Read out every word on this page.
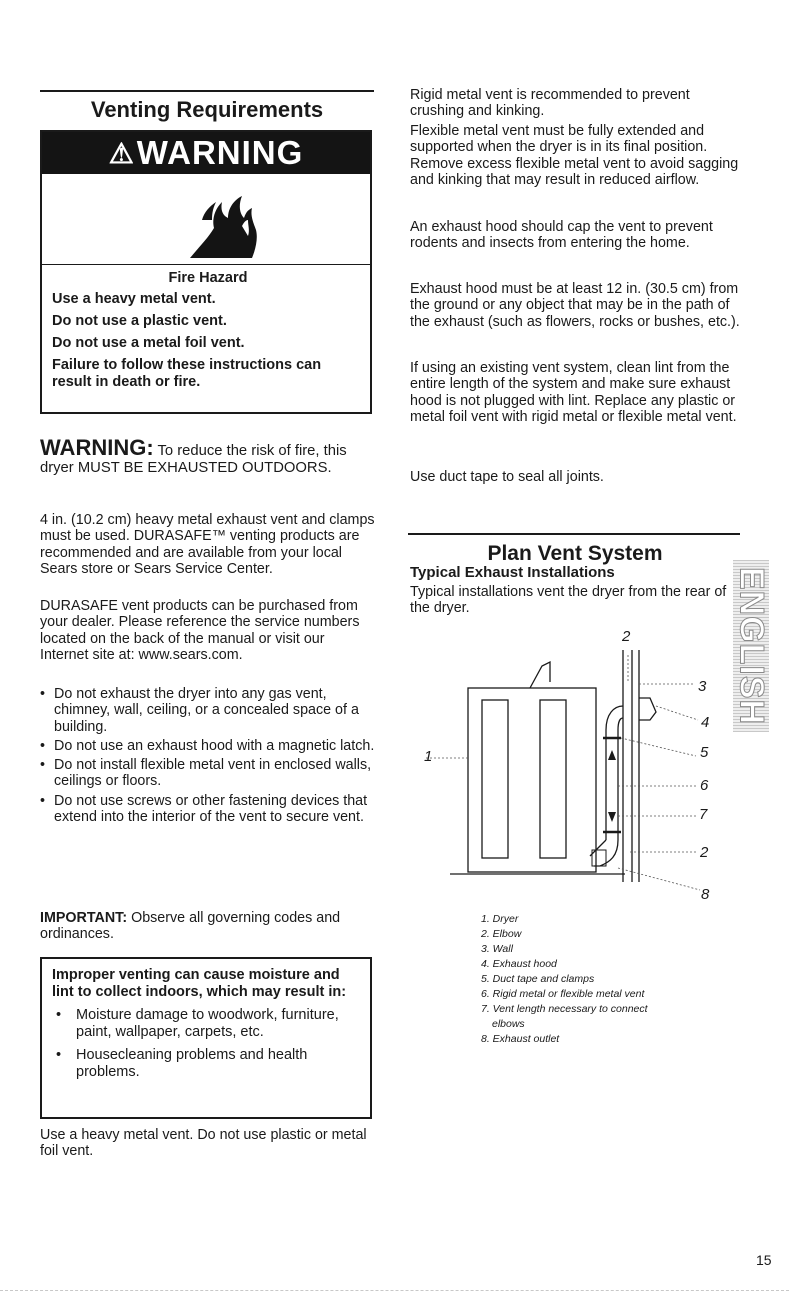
Venting Requirements
⚠ WARNING
Fire Hazard
Use a heavy metal vent.
Do not use a plastic vent.
Do not use a metal foil vent.
Failure to follow these instructions can result in death or fire.
WARNING: To reduce the risk of fire, this dryer MUST BE EXHAUSTED OUTDOORS.

4 in. (10.2 cm) heavy metal exhaust vent and clamps must be used. DURASAFE™ venting products are recommended and are available from your local Sears store or Sears Service Center.

DURASAFE vent products can be purchased from your dealer. Please reference the service numbers located on the back of the manual or visit our Internet site at: www.sears.com.

• Do not exhaust the dryer into any gas vent, chimney, wall, ceiling, or a concealed space of a building.
• Do not use an exhaust hood with a magnetic latch.
• Do not install flexible metal vent in enclosed walls, ceilings or floors.
• Do not use screws or other fastening devices that extend into the interior of the vent to secure vent.

IMPORTANT: Observe all governing codes and ordinances.

Improper venting can cause moisture and lint to collect indoors, which may result in:
• Moisture damage to woodwork, furniture, paint, wallpaper, carpets, etc.
• Housecleaning problems and health problems.

Use a heavy metal vent. Do not use plastic or metal foil vent.

Rigid metal vent is recommended to prevent crushing and kinking.

Flexible metal vent must be fully extended and supported when the dryer is in its final position. Remove excess flexible metal vent to avoid sagging and kinking that may result in reduced airflow.

An exhaust hood should cap the vent to prevent rodents and insects from entering the home.

Exhaust hood must be at least 12 in. (30.5 cm) from the ground or any object that may be in the path of the exhaust (such as flowers, rocks or bushes, etc.).

If using an existing vent system, clean lint from the entire length of the system and make sure exhaust hood is not plugged with lint. Replace any plastic or metal foil vent with rigid metal or flexible metal vent.

Use duct tape to seal all joints.

Plan Vent System
Typical Exhaust Installations

Typical installations vent the dryer from the rear of the dryer.

2
3
4
1	5
6
7
2
8
1. Dryer
2. Elbow
3. Wall
4. Exhaust hood
5. Duct tape and clamps
6. Rigid metal or flexible metal vent
7. Vent length necessary to connect
elbows
8. Exhaust outlet
ENGLISH
15
